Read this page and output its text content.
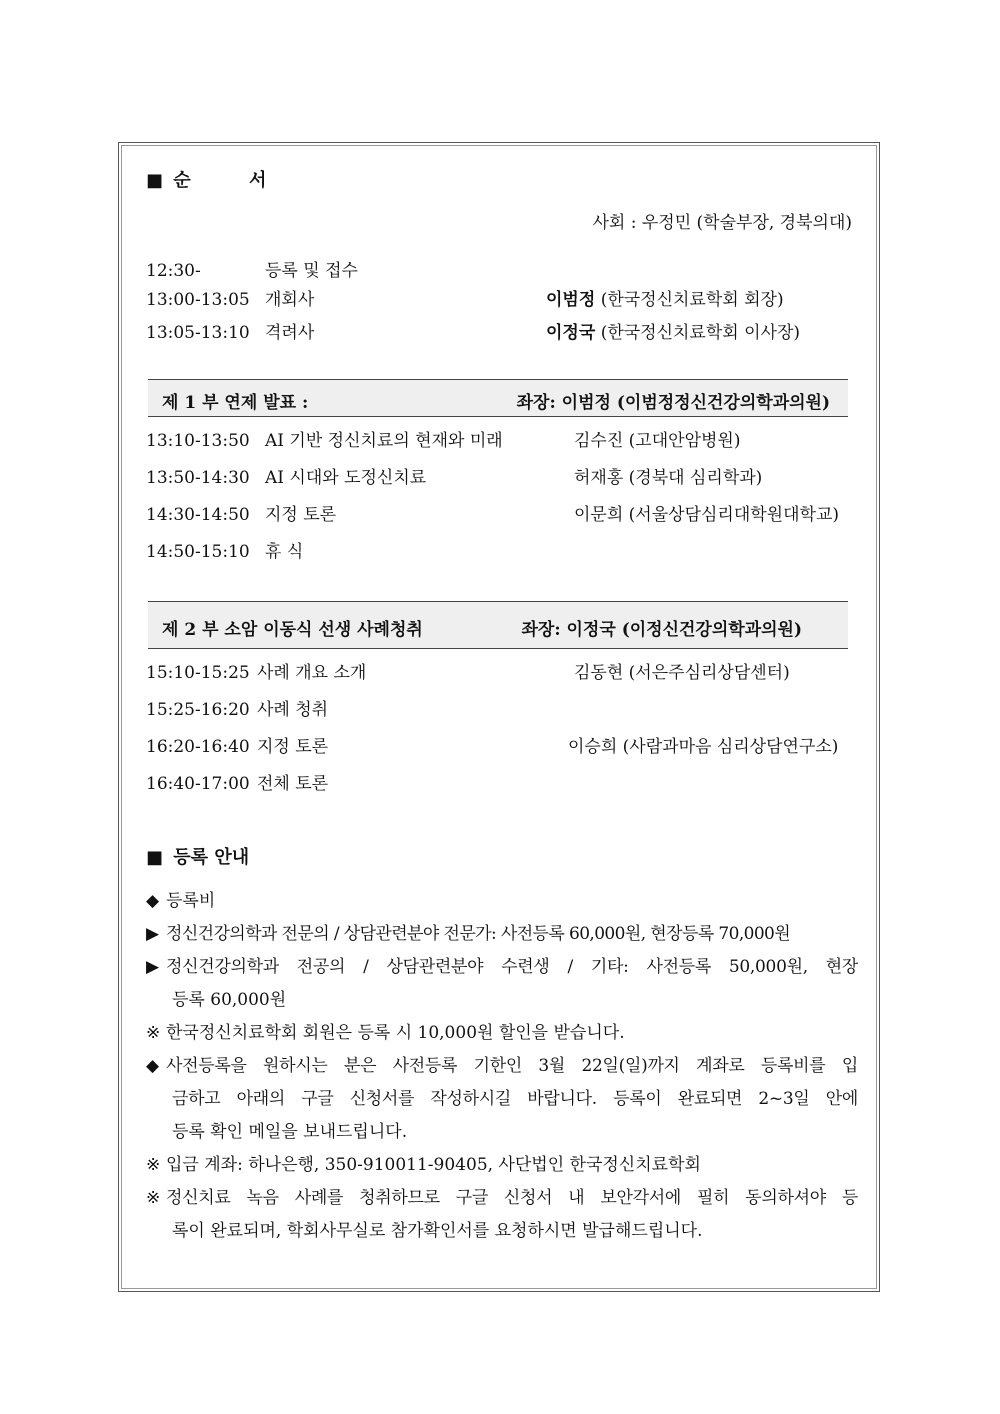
■ 순	서
사회 : 우정민 (학술부장, 경북의대)
12:30-	등록 및 접수
13:00-13:05 개회사	이범정 (한국정신치료학회 회장)
13:05-13:10 격려사	이정국 (한국정신치료학회 이사장)
제 1 부 연제 발표 :	좌장: 이범정 (이범정정신건강의학과의원)
13:10-13:50 AI 기반 정신치료의 현재와 미래	김수진 (고대안암병원)
13:50-14:30 AI 시대와 도정신치료	허재홍 (경북대 심리학과)
14:30-14:50 지정 토론	이문희 (서울상담심리대학원대학교)
14:50-15:10 휴 식
제 2 부 소암 이동식 선생 사례청취	좌장: 이정국 (이정신건강의학과의원)
15:10-15:25 사례 개요 소개	김동현 (서은주심리상담센터)
15:25-16:20 사례 청취
16:20-16:40 지정 토론	이승희 (사람과마음 심리상담연구소)
16:40-17:00 전체 토론
■ 등록 안내
◆ 등록비
▶ 정신건강의학과 전문의 / 상담관련분야 전문가: 사전등록 60,000원, 현장등록 70,000원
▶ 정신건강의학과 전공의 / 상담관련분야 수련생 / 기타: 사전등록 50,000원, 현장
등록 60,000원
※ 한국정신치료학회 회원은 등록 시 10,000원 할인을 받습니다.
◆ 사전등록을 원하시는 분은 사전등록 기한인 3월 22일(일)까지 계좌로 등록비를 입
금하고 아래의 구글 신청서를 작성하시길 바랍니다. 등록이 완료되면 2~3일 안에
등록 확인 메일을 보내드립니다.
※ 입금 계좌: 하나은행, 350-910011-90405, 사단법인 한국정신치료학회
※ 정신치료 녹음 사례를 청취하므로 구글 신청서 내 보안각서에 필히 동의하셔야 등
록이 완료되며, 학회사무실로 참가확인서를 요청하시면 발급해드립니다.
